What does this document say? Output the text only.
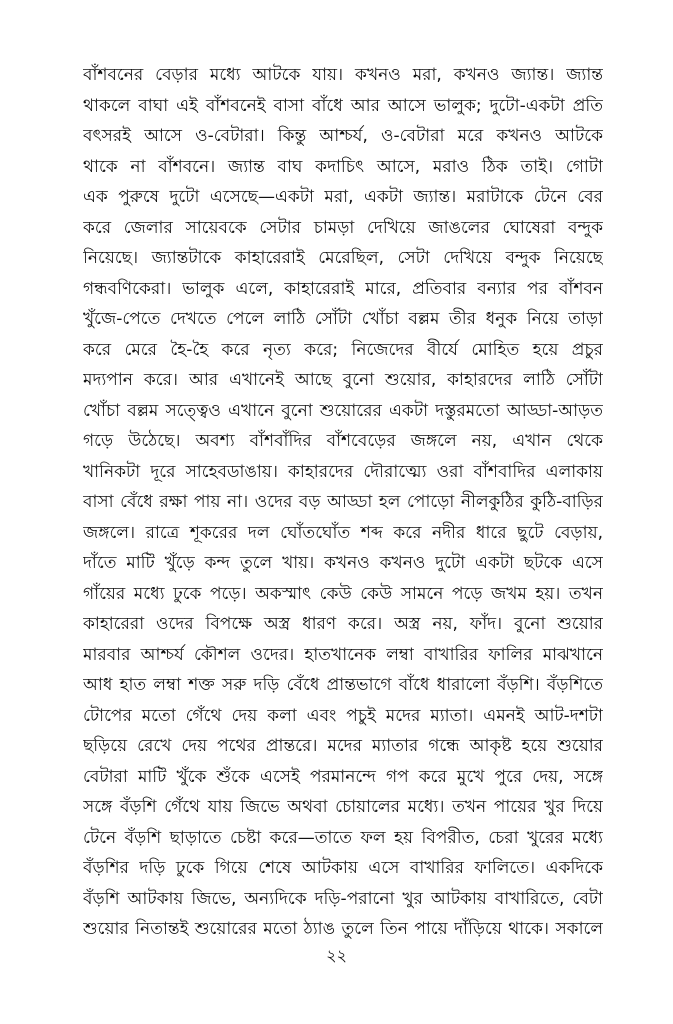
বাঁশবনের বেড়ার মধ্যে আটকে যায়। কখনও মরা, কখনও জ্যান্ত। জ্যান্ত
থাকলে বাঘা এই বাঁশবনেই বাসা বাঁধে আর আসে ভালুক; দুটো-একটা প্রতি
বৎসরই আসে ও-বেটারা। কিন্তু আশ্চর্য, ও-বেটারা মরে কখনও আটকে
থাকে না বাঁশবনে। জ্যান্ত বাঘ কদাচিৎ আসে, মরাও ঠিক তাই। গোটা
এক পুরুষে দুটো এসেছে—একটা মরা, একটা জ্যান্ত। মরাটাকে টেনে বের
করে জেলার সায়েবকে সেটার চামড়া দেখিয়ে জাঙলের ঘোষেরা বন্দুক
নিয়েছে। জ্যান্তটাকে কাহারেরাই মেরেছিল, সেটা দেখিয়ে বন্দুক নিয়েছে
গন্ধবণিকেরা। ভালুক এলে, কাহারেরাই মারে, প্রতিবার বন্যার পর বাঁশবন
খুঁজে-পেতে দেখতে পেলে লাঠি সোঁটা খোঁচা বল্লম তীর ধনুক নিয়ে তাড়া
করে মেরে হৈ-হৈ করে নৃত্য করে; নিজেদের বীর্যে মোহিত হয়ে প্রচুর
মদ্যপান করে। আর এখানেই আছে বুনো শুয়োর, কাহারদের লাঠি সোঁটা
খোঁচা বল্লম সত্ত্বেও এখানে বুনো শুয়োরের একটা দস্তুরমতো আড্ডা-আড়ত
গড়ে উঠেছে। অবশ্য বাঁশবাঁদির বাঁশবেড়ের জঙ্গলে নয়, এখান থেকে
খানিকটা দূরে সাহেবডাঙায়। কাহারদের দৌরাত্ম্যে ওরা বাঁশবাদির এলাকায়
বাসা বেঁধে রক্ষা পায় না। ওদের বড় আড্ডা হল পোড়ো নীলকুঠির কুঠি-বাড়ির
জঙ্গলে। রাত্রে শূকরের দল ঘোঁতঘোঁত শব্দ করে নদীর ধারে ছুটে বেড়ায়,
দাঁতে মাটি খুঁড়ে কন্দ তুলে খায়। কখনও কখনও দুটো একটা ছটকে এসে
গাঁয়ের মধ্যে ঢুকে পড়ে। অকস্মাৎ কেউ কেউ সামনে পড়ে জখম হয়। তখন
কাহারেরা ওদের বিপক্ষে অস্ত্র ধারণ করে। অস্ত্র নয়, ফাঁদ। বুনো শুয়োর
মারবার আশ্চর্য কৌশল ওদের। হাতখানেক লম্বা বাখারির ফালির মাঝখানে
আধ হাত লম্বা শক্ত সরু দড়ি বেঁধে প্রান্তভাগে বাঁধে ধারালো বঁড়শি। বঁড়শিতে
টোপের মতো গেঁথে দেয় কলা এবং পচুই মদের ম্যাতা। এমনই আট-দশটা
ছড়িয়ে রেখে দেয় পথের প্রান্তরে। মদের ম্যাতার গন্ধে আকৃষ্ট হয়ে শুয়োর
বেটারা মাটি খুঁকে শুঁকে এসেই পরমানন্দে গপ করে মুখে পুরে দেয়, সঙ্গে
সঙ্গে বঁড়শি গেঁথে যায় জিভে অথবা চোয়ালের মধ্যে। তখন পায়ের খুর দিয়ে
টেনে বঁড়শি ছাড়াতে চেষ্টা করে—তাতে ফল হয় বিপরীত, চেরা খুরের মধ্যে
বঁড়শির দড়ি ঢুকে গিয়ে শেষে আটকায় এসে বাখারির ফালিতে। একদিকে
বঁড়শি আটকায় জিভে, অন্যদিকে দড়ি-পরানো খুর আটকায় বাখারিতে, বেটা
শুয়োর নিতান্তই শুয়োরের মতো ঠ্যাঙ তুলে তিন পায়ে দাঁড়িয়ে থাকে। সকালে
২২
